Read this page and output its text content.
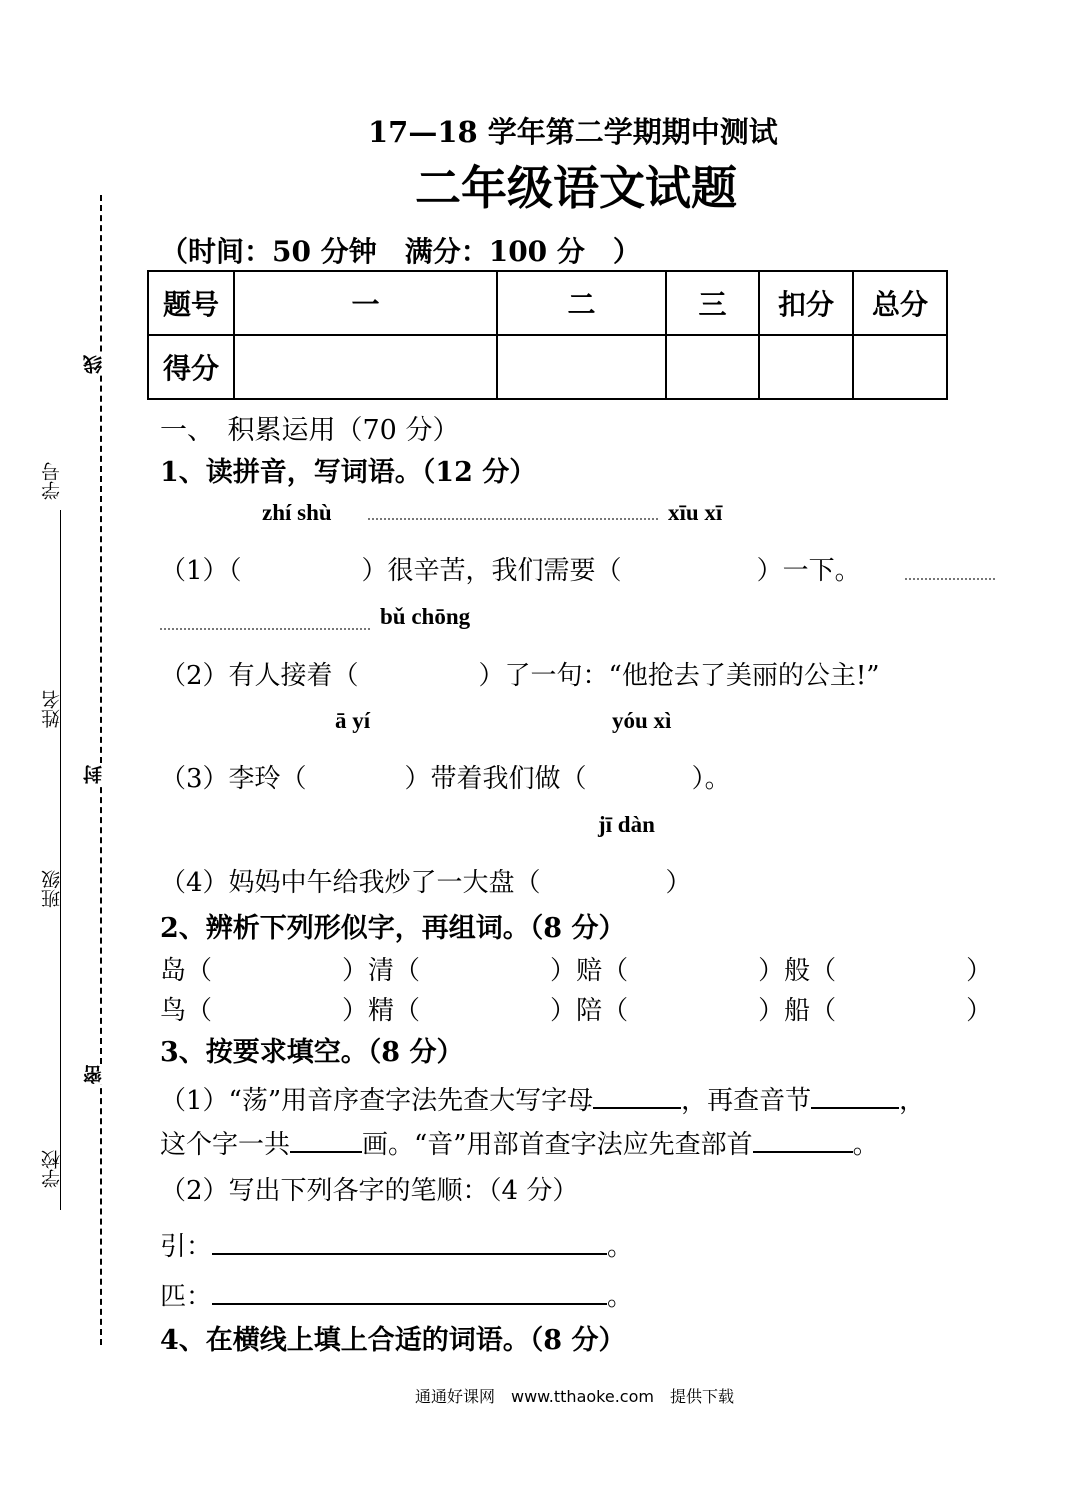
学号
姓名
班级
学校
线
封
密
17—18 学年第二学期期中测试
二年级语文试题
（时间：50 分钟　满分：100 分　）
题号	一	二	三	扣分	总分
得分					
一、　积累运用（70 分）
1、读拼音，写词语。（12 分）
zhí shù	xīu xī
（1）（	）很辛苦，我们需要（	）一下。
bǔ chōng
（2）有人接着（	）了一句：“他抢去了美丽的公主!”
ā yí	yóu xì
（3）李玲（	）带着我们做（	）。
jī dàn
（4）妈妈中午给我炒了一大盘（	）
2、辨析下列形似字，再组词。（8 分）
岛（　　　　　）清（　　　　　）赔（　　　　　）般（　　　　　）
鸟（　　　　　）精（　　　　　）陪（　　　　　）船（　　　　　）
3、按要求填空。（8 分）
（1）“荡”用音序查字法先查大写字母	，再查音节	，
这个字一共	画。“音”用部首查字法应先查部首	。
（2）写出下列各字的笔顺：（4 分）
引：	。
匹：	。
4、在横线上填上合适的词语。（8 分）
通通好课网　www.tthaoke.com　提供下载
